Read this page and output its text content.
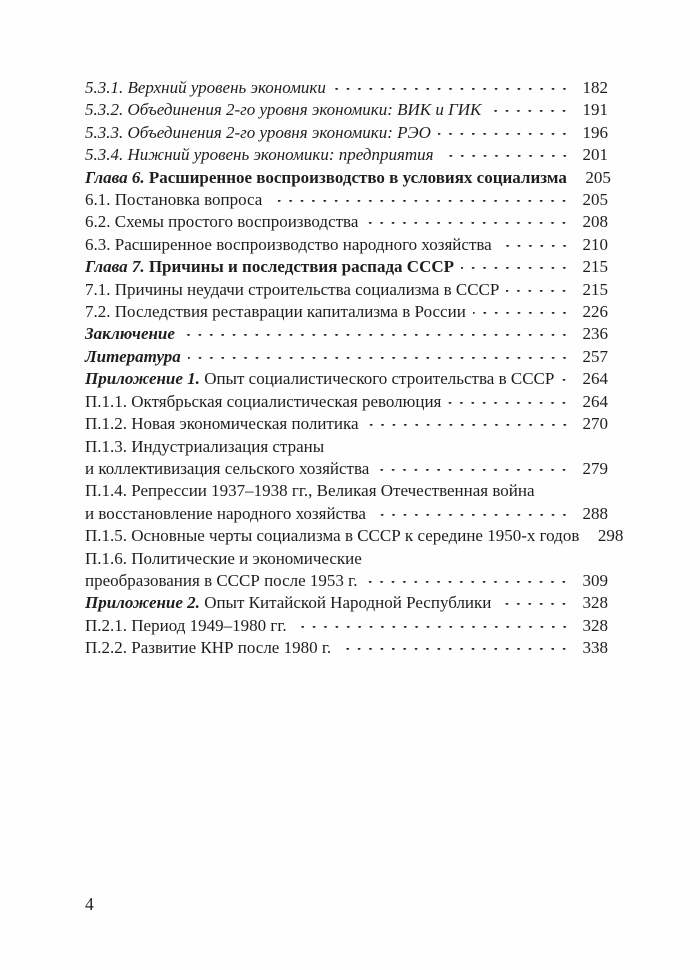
5.3.1. Верхний уровень экономики	182
5.3.2. Объединения 2-го уровня экономики: ВИК и ГИК	191
5.3.3. Объединения 2-го уровня экономики: РЭО	196
5.3.4. Нижний уровень экономики: предприятия	201
Глава 6. Расширенное воспроизводство в условиях социализма	205
6.1. Постановка вопроса	205
6.2. Схемы простого воспроизводства	208
6.3. Расширенное воспроизводство народного хозяйства	210
Глава 7. Причины и последствия распада СССР	215
7.1. Причины неудачи строительства социализма в СССР	215
7.2. Последствия реставрации капитализма в России	226
Заключение	236
Литература	257
Приложение 1. Опыт социалистического строительства в СССР	264
П.1.1. Октябрьская социалистическая революция	264
П.1.2. Новая экономическая политика	270
П.1.3. Индустриализация страны
и коллективизация сельского хозяйства	279
П.1.4. Репрессии 1937–1938 гг., Великая Отечественная война
и восстановление народного хозяйства	288
П.1.5. Основные черты социализма в СССР к середине 1950-х годов	298
П.1.6. Политические и экономические
преобразования в СССР после 1953 г.	309
Приложение 2. Опыт Китайской Народной Республики	328
П.2.1. Период 1949–1980 гг.	328
П.2.2. Развитие КНР после 1980 г.	338
4
